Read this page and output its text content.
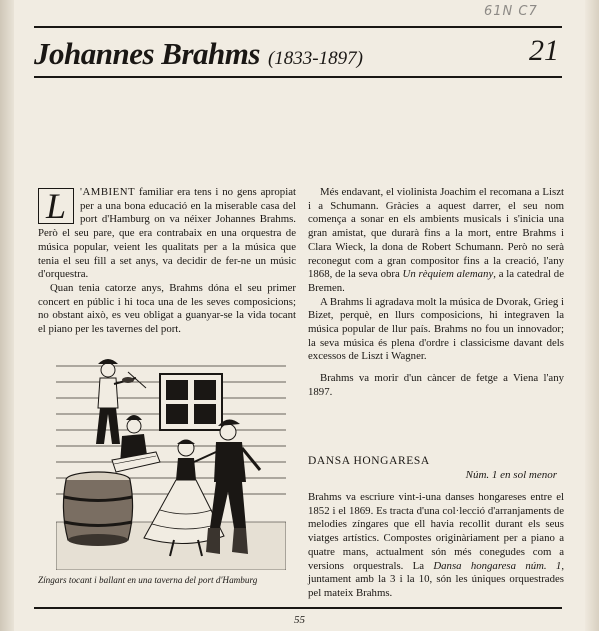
61N C7
Johannes Brahms (1833-1897)	21

L	'AMBIENT familiar era tens i no gens apropiat per a una bona educació en la miserable casa del port d'Hamburg on va néixer Johannes Brahms. Però el seu pare, que era contrabaix en una orquestra de música popular, veient les qualitats per a la música que tenia el seu fill a set anys, va decidir de fer-ne un músic d'orquestra.

Quan tenia catorze anys, Brahms dóna el seu primer concert en públic i hi toca una de les seves composicions; no obstant això, es veu obligat a guanyar-se la vida tocant el piano per les tavernes del port.

Més endavant, el violinista Joachim el recomana a Liszt i a Schumann. Gràcies a aquest darrer, el seu nom comença a sonar en els ambients musicals i s'inicia una gran amistat, que durarà fins a la mort, entre Brahms i Clara Wieck, la dona de Robert Schumann. Però no serà reconegut com a gran compositor fins a la creació, l'any 1868, de la seva obra Un rèquiem alemany, a la catedral de Bremen.

A Brahms li agradava molt la música de Dvorak, Grieg i Bizet, perquè, en llurs composicions, hi integraven la música popular de llur país. Brahms no fou un innovador; la seva música és plena d'ordre i classicisme davant dels excessos de Liszt i Wagner.

Brahms va morir d'un càncer de fetge a Viena l'any 1897.

DANSA HONGARESA
Núm. 1 en sol menor

Brahms va escriure vint-i-una danses hongareses entre el 1852 i el 1869. Es tracta d'una col·lecció d'arranjaments de melodies zíngares que ell havia recollit durant els seus viatges artístics. Compostes originàriament per a piano a quatre mans, actualment són més conegudes com a versions orquestrals. La Dansa hongaresa núm. 1, juntament amb la 3 i la 10, són les úniques orquestrades pel mateix Brahms.

Zíngars tocant i ballant en una taverna del port d'Hamburg
55
